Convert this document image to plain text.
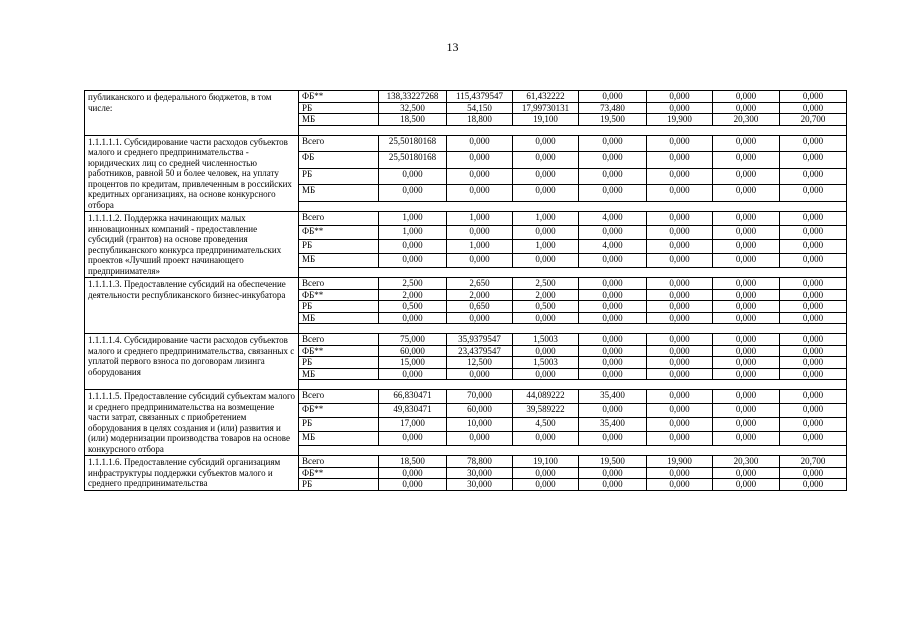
13
публиканского и федерального бюджетов, в том числе:	ФБ**	138,33227268	115,4379547	61,432222	0,000	0,000	0,000	0,000
	РБ	32,500	54,150	17,99730131	73,480	0,000	0,000	0,000
	МБ	18,500	18,800	19,100	19,500	19,900	20,300	20,700

1.1.1.1.1. Субсидирование части расходов субъектов малого и среднего предпринимательства - юридических лиц со средней численностью работников, равной 50 и более человек, на уплату процентов по кредитам, привлеченным в российских кредитных организациях, на основе конкурсного отбора	Всего	25,50180168	0,000	0,000	0,000	0,000	0,000	0,000
	ФБ	25,50180168	0,000	0,000	0,000	0,000	0,000	0,000
	РБ	0,000	0,000	0,000	0,000	0,000	0,000	0,000
	МБ	0,000	0,000	0,000	0,000	0,000	0,000	0,000

1.1.1.1.2. Поддержка начинающих малых инновационных компаний - предоставление субсидий (грантов) на основе проведения республиканского конкурса предпринимательских проектов «Лучший проект начинающего предпринимателя»	Всего	1,000	1,000	1,000	4,000	0,000	0,000	0,000
	ФБ**	1,000	0,000	0,000	0,000	0,000	0,000	0,000
	РБ	0,000	1,000	1,000	4,000	0,000	0,000	0,000
	МБ	0,000	0,000	0,000	0,000	0,000	0,000	0,000

1.1.1.1.3. Предоставление субсидий на обеспечение деятельности республиканского бизнес-инкубатора	Всего	2,500	2,650	2,500	0,000	0,000	0,000	0,000
	ФБ**	2,000	2,000	2,000	0,000	0,000	0,000	0,000
	РБ	0,500	0,650	0,500	0,000	0,000	0,000	0,000
	МБ	0,000	0,000	0,000	0,000	0,000	0,000	0,000

1.1.1.1.4. Субсидирование части расходов субъектов малого и среднего предпринимательства, связанных с уплатой первого взноса по договорам лизинга оборудования	Всего	75,000	35,9379547	1,5003	0,000	0,000	0,000	0,000
	ФБ**	60,000	23,4379547	0,000	0,000	0,000	0,000	0,000
	РБ	15,000	12,500	1,5003	0,000	0,000	0,000	0,000
	МБ	0,000	0,000	0,000	0,000	0,000	0,000	0,000

1.1.1.1.5. Предоставление субсидий субъектам малого и среднего предпринимательства на возмещение части затрат, связанных с приобретением оборудования в целях создания и (или) развития и (или) модернизации производства товаров на основе конкурсного отбора	Всего	66,830471	70,000	44,089222	35,400	0,000	0,000	0,000
	ФБ**	49,830471	60,000	39,589222	0,000	0,000	0,000	0,000
	РБ	17,000	10,000	4,500	35,400	0,000	0,000	0,000
	МБ	0,000	0,000	0,000	0,000	0,000	0,000	0,000

1.1.1.1.6. Предоставление субсидий организациям инфраструктуры поддержки субъектов малого и среднего предпринимательства	Всего	18,500	78,800	19,100	19,500	19,900	20,300	20,700
	ФБ**	0,000	30,000	0,000	0,000	0,000	0,000	0,000
	РБ	0,000	30,000	0,000	0,000	0,000	0,000	0,000
